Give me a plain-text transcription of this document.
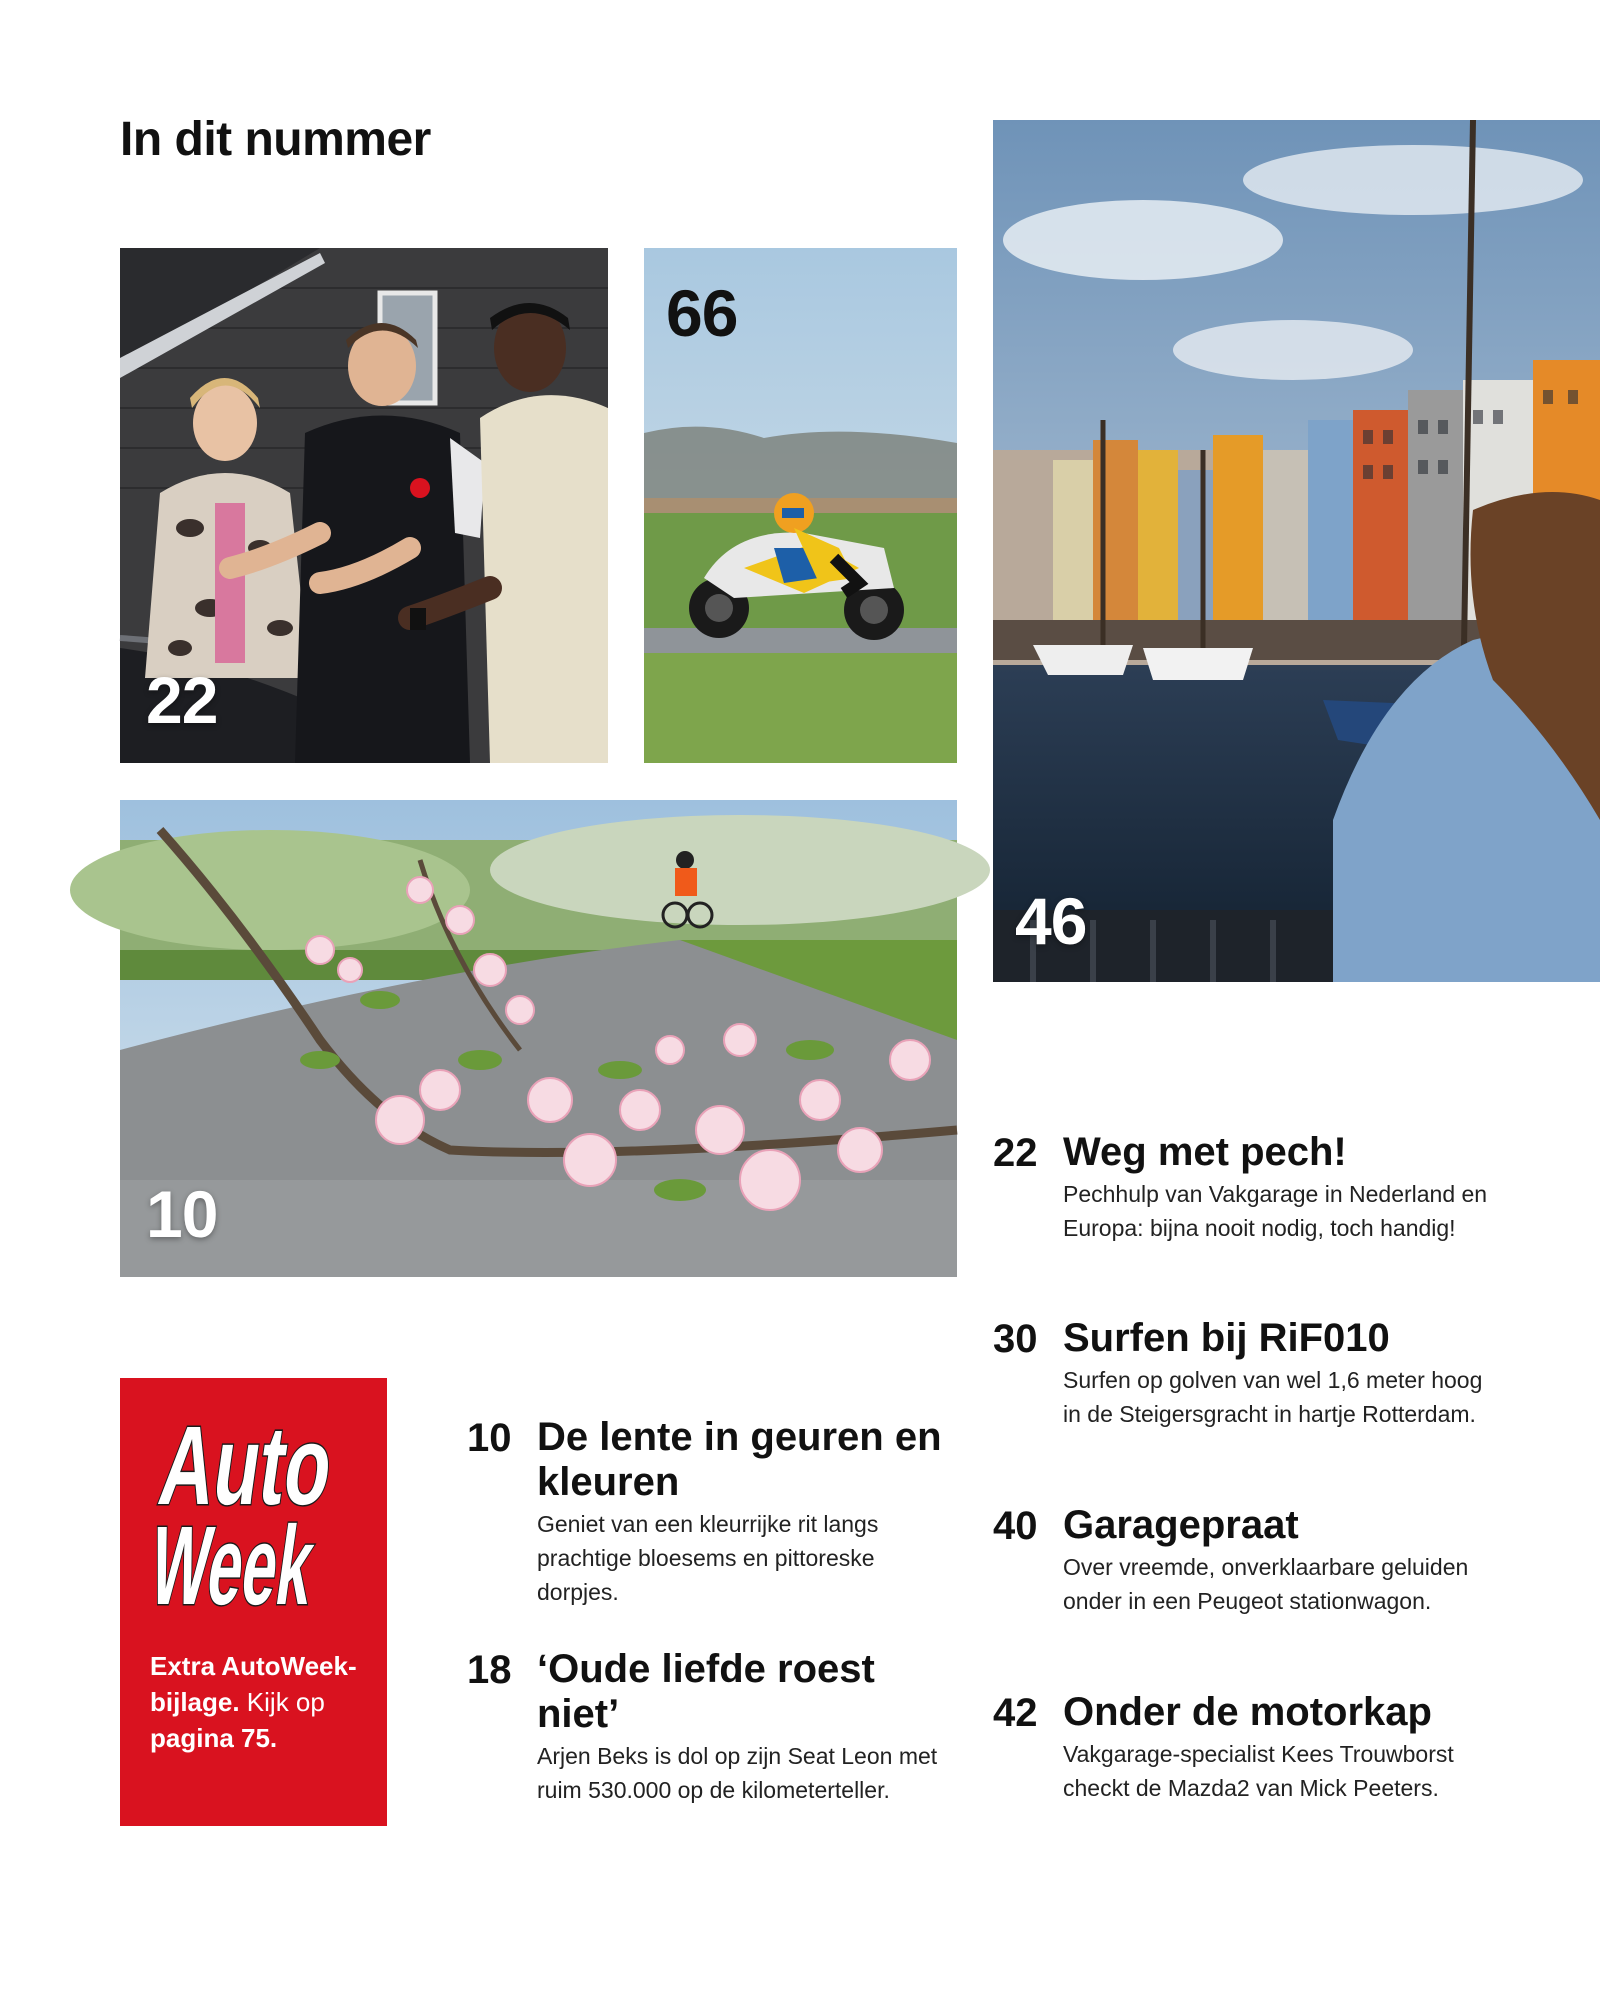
In dit nummer
22
66
46
10
22 Weg met pech!
Pechhulp van Vakgarage in Nederland en Europa: bijna nooit nodig, toch handig!
30 Surfen bij RiF010
Surfen op golven van wel 1,6 meter hoog in de Steigersgracht in hartje Rotterdam.
40 Garagepraat
Over vreemde, onverklaarbare geluiden onder in een Peugeot stationwagon.
42 Onder de motorkap
Vakgarage-specialist Kees Trouwborst checkt de Mazda2 van Mick Peeters.
10 De lente in geuren en kleuren
Geniet van een kleurrijke rit langs prachtige bloesems en pittoreske dorpjes.
18 ‘Oude liefde roest niet’
Arjen Beks is dol op zijn Seat Leon met ruim 530.000 op de kilometerteller.
Auto
Week
Extra AutoWeek-bijlage. Kijk op pagina 75.
